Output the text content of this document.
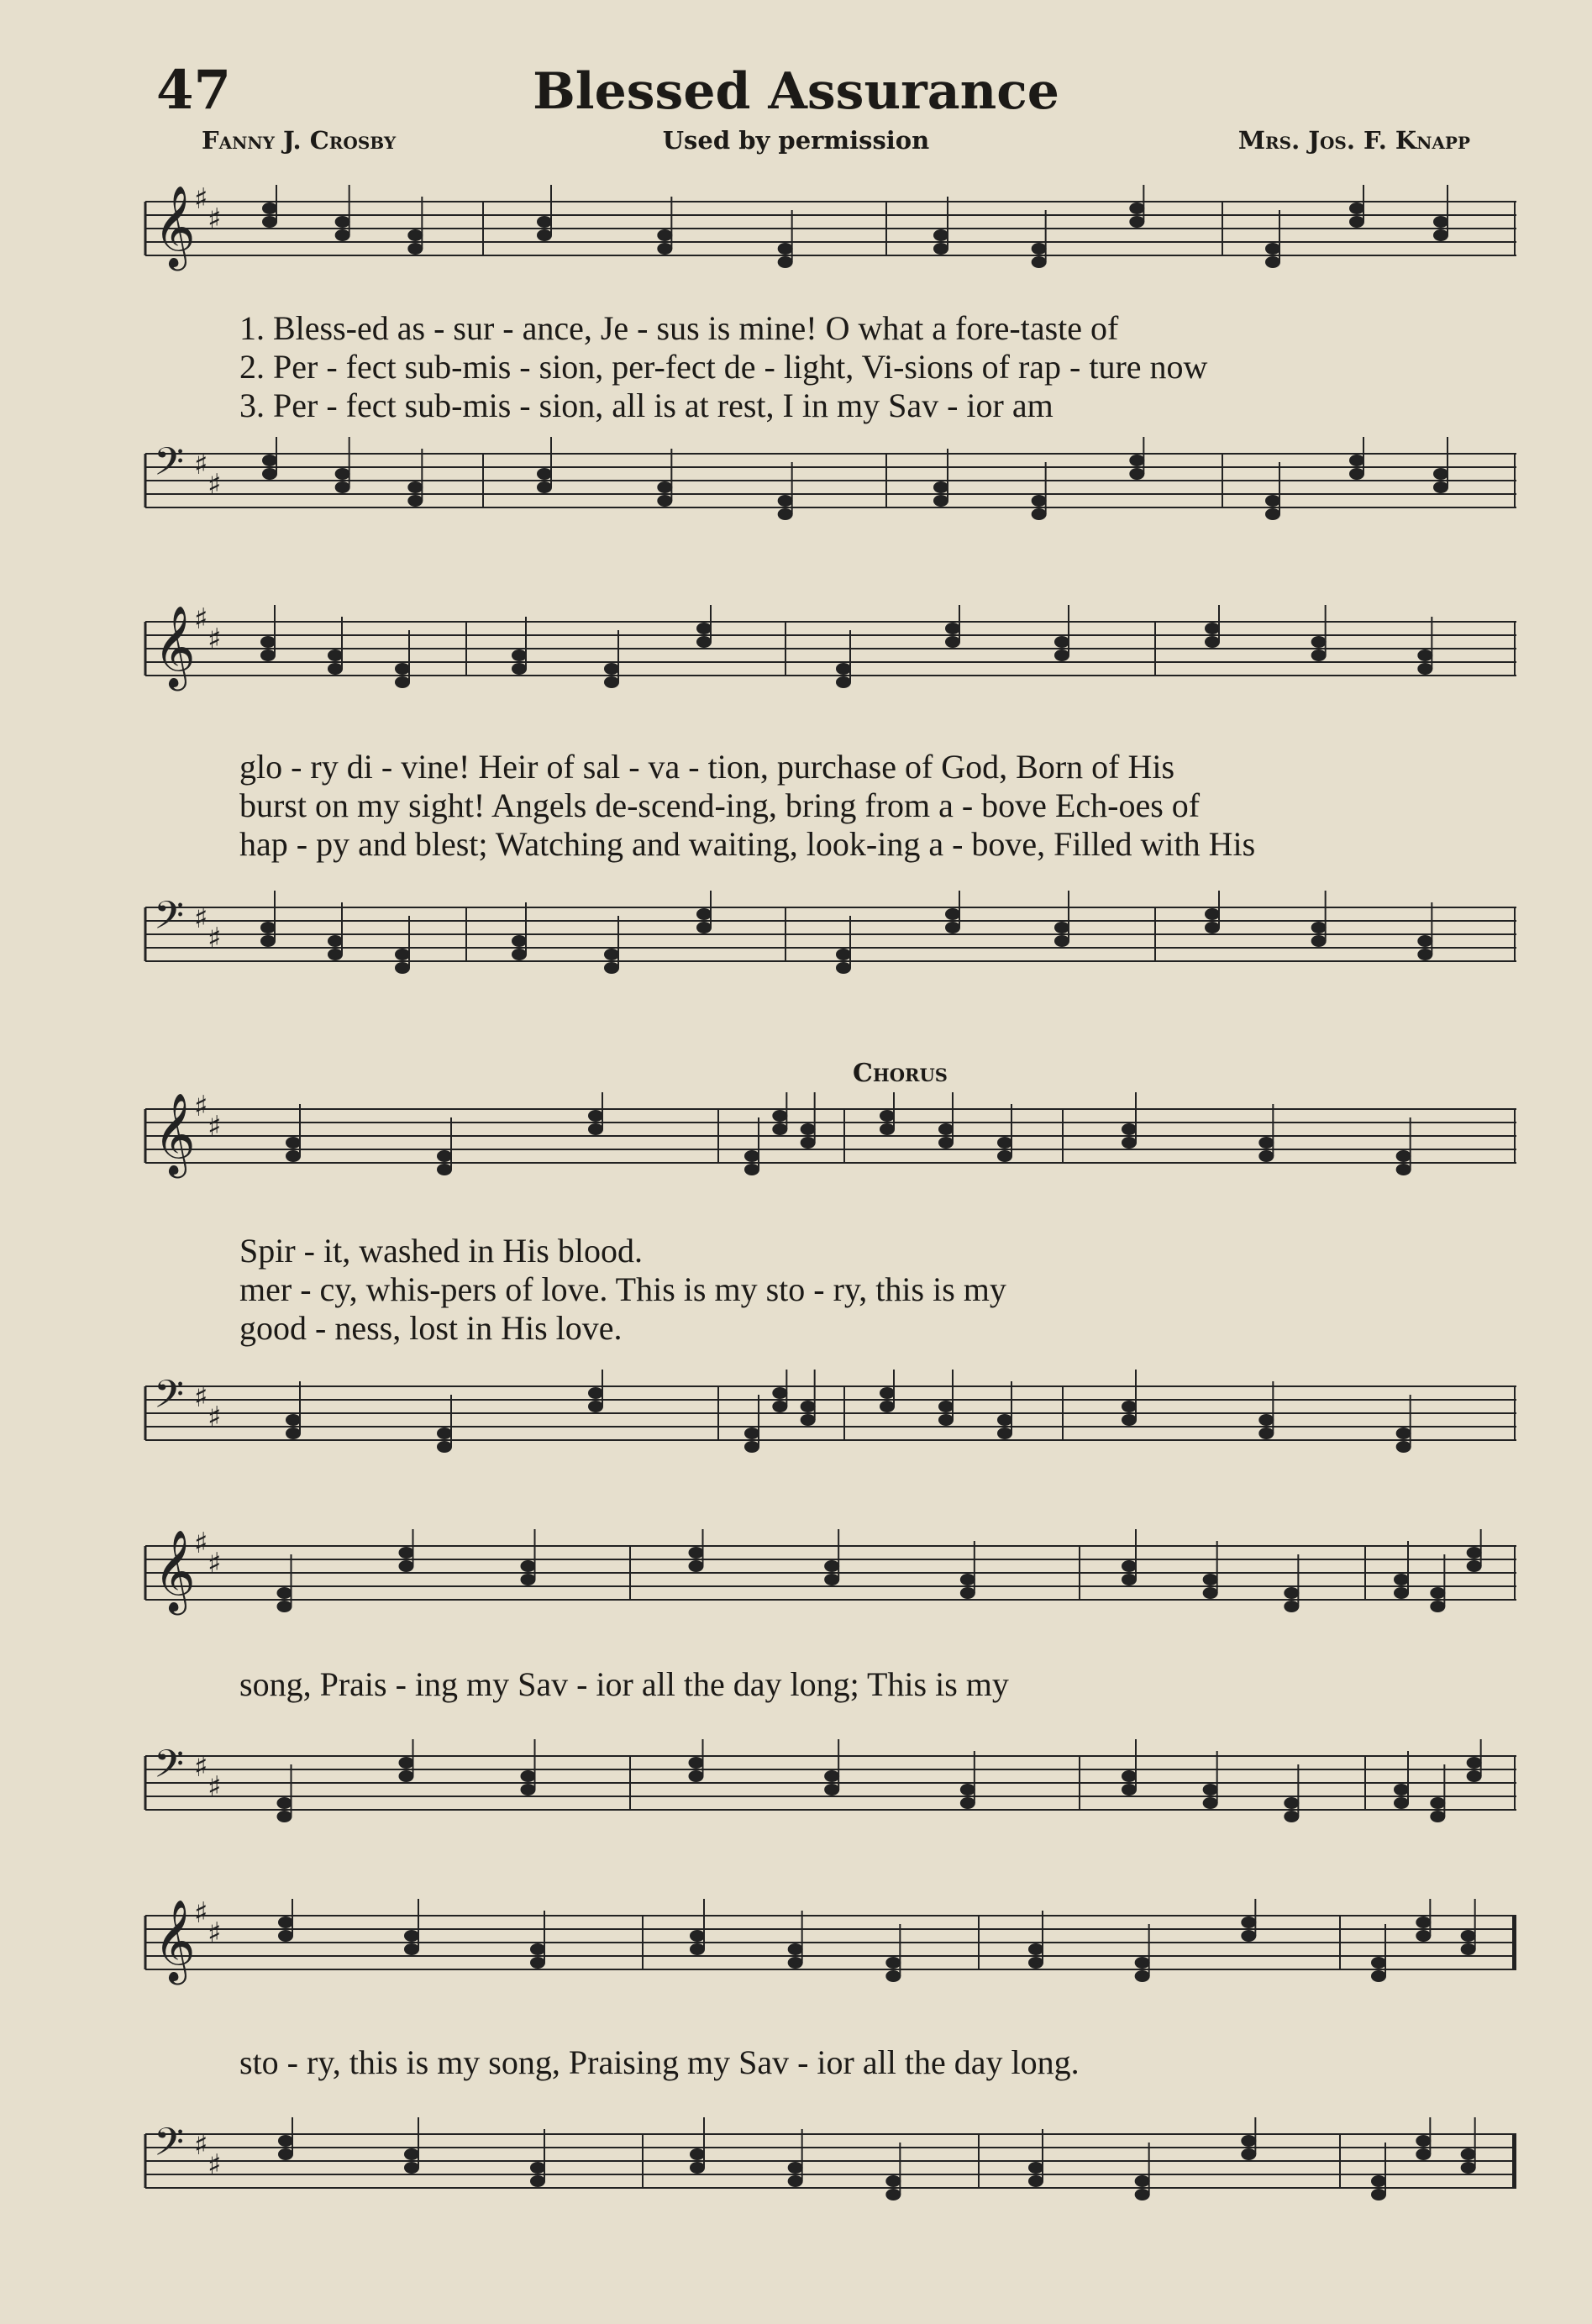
47	Blessed Assurance
Fanny J. Crosby	Used by permission	Mrs. Jos. F. Knapp
𝄞
♯
♯
1. Bless-ed as - sur - ance, Je - sus is mine! O what a fore-taste of
2. Per - fect sub-mis - sion, per-fect de - light, Vi-sions of rap - ture now
3. Per - fect sub-mis - sion, all is at rest, I in my Sav - ior am
𝄢 ♯
♯
𝄞
♯
♯
glo - ry di - vine! Heir of sal - va - tion, purchase of God, Born of His
burst on my sight! Angels de-scend-ing, bring from a - bove Ech-oes of
hap - py and blest; Watching and waiting, look-ing a - bove, Filled with His
𝄢 ♯
♯
Chorus
𝄞
♯
♯
Spir - it, washed in His blood.
mer - cy, whis-pers of love. This is my sto - ry, this is my
good - ness, lost in His love.
𝄢 ♯
♯
𝄞
♯
♯
song, Prais - ing my Sav - ior all the day long; This is my
𝄢 ♯
♯
𝄞
♯
♯
sto - ry, this is my song, Praising my Sav - ior all the day long.
𝄢 ♯
♯
